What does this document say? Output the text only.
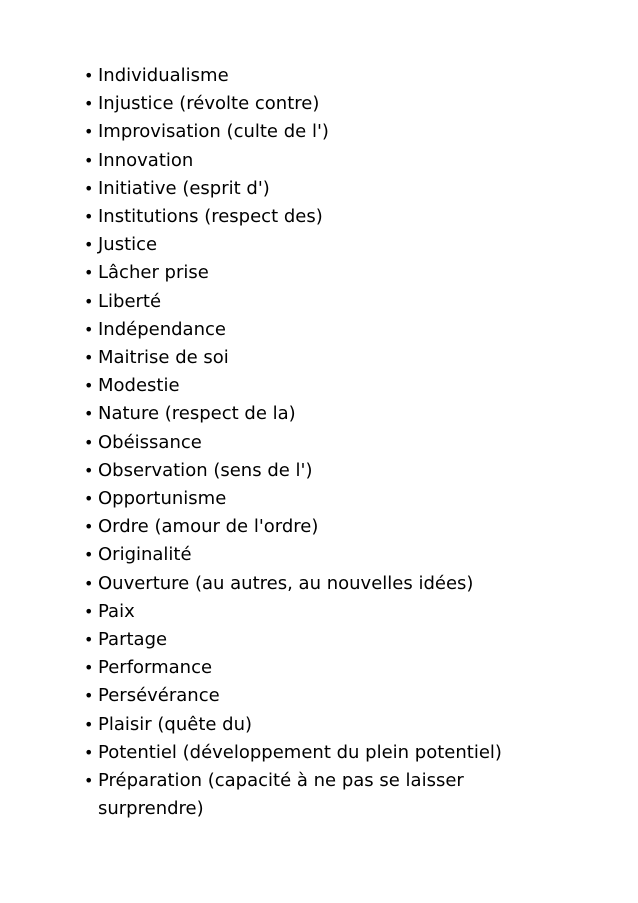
• Individualisme
• Injustice (révolte contre)
• Improvisation (culte de l')
• Innovation
• Initiative (esprit d')
• Institutions (respect des)
• Justice
• Lâcher prise
• Liberté
• Indépendance
• Maitrise de soi
• Modestie
• Nature (respect de la)
• Obéissance
• Observation (sens de l')
• Opportunisme
• Ordre (amour de l'ordre)
• Originalité
• Ouverture (au autres, au nouvelles idées)
• Paix
• Partage
• Performance
• Persévérance
• Plaisir (quête du)
• Potentiel (développement du plein potentiel)
• Préparation (capacité à ne pas se laisser surprendre)
